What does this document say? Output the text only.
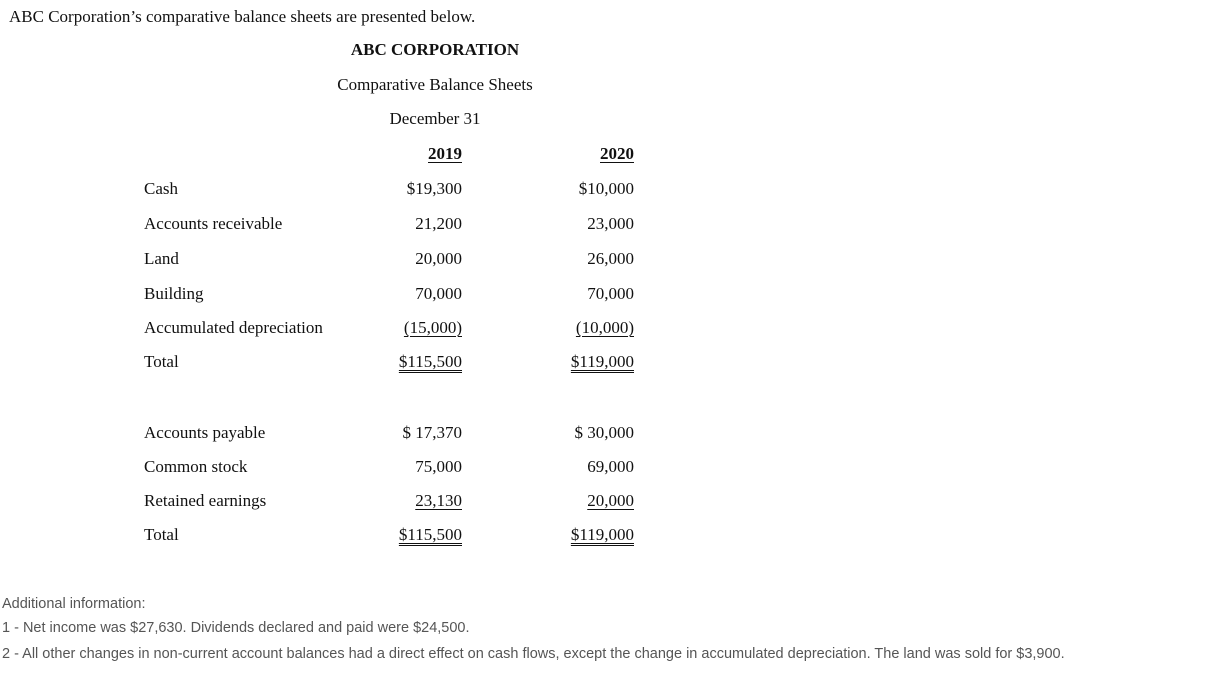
ABC Corporation’s comparative balance sheets are presented below.
ABC CORPORATION
Comparative Balance Sheets
December 31
2019	2020
Cash	$19,300	$10,000
Accounts receivable	21,200	23,000
Land	20,000	26,000
Building	70,000	70,000
Accumulated depreciation	(15,000)	(10,000)
Total	$115,500	$119,000
Accounts payable	$ 17,370	$ 30,000
Common stock	75,000	69,000
Retained earnings	23,130	20,000
Total	$115,500	$119,000
Additional information:
1 - Net income was $27,630. Dividends declared and paid were $24,500.
2 - All other changes in non-current account balances had a direct effect on cash flows, except the change in accumulated depreciation. The land was sold for $3,900.
